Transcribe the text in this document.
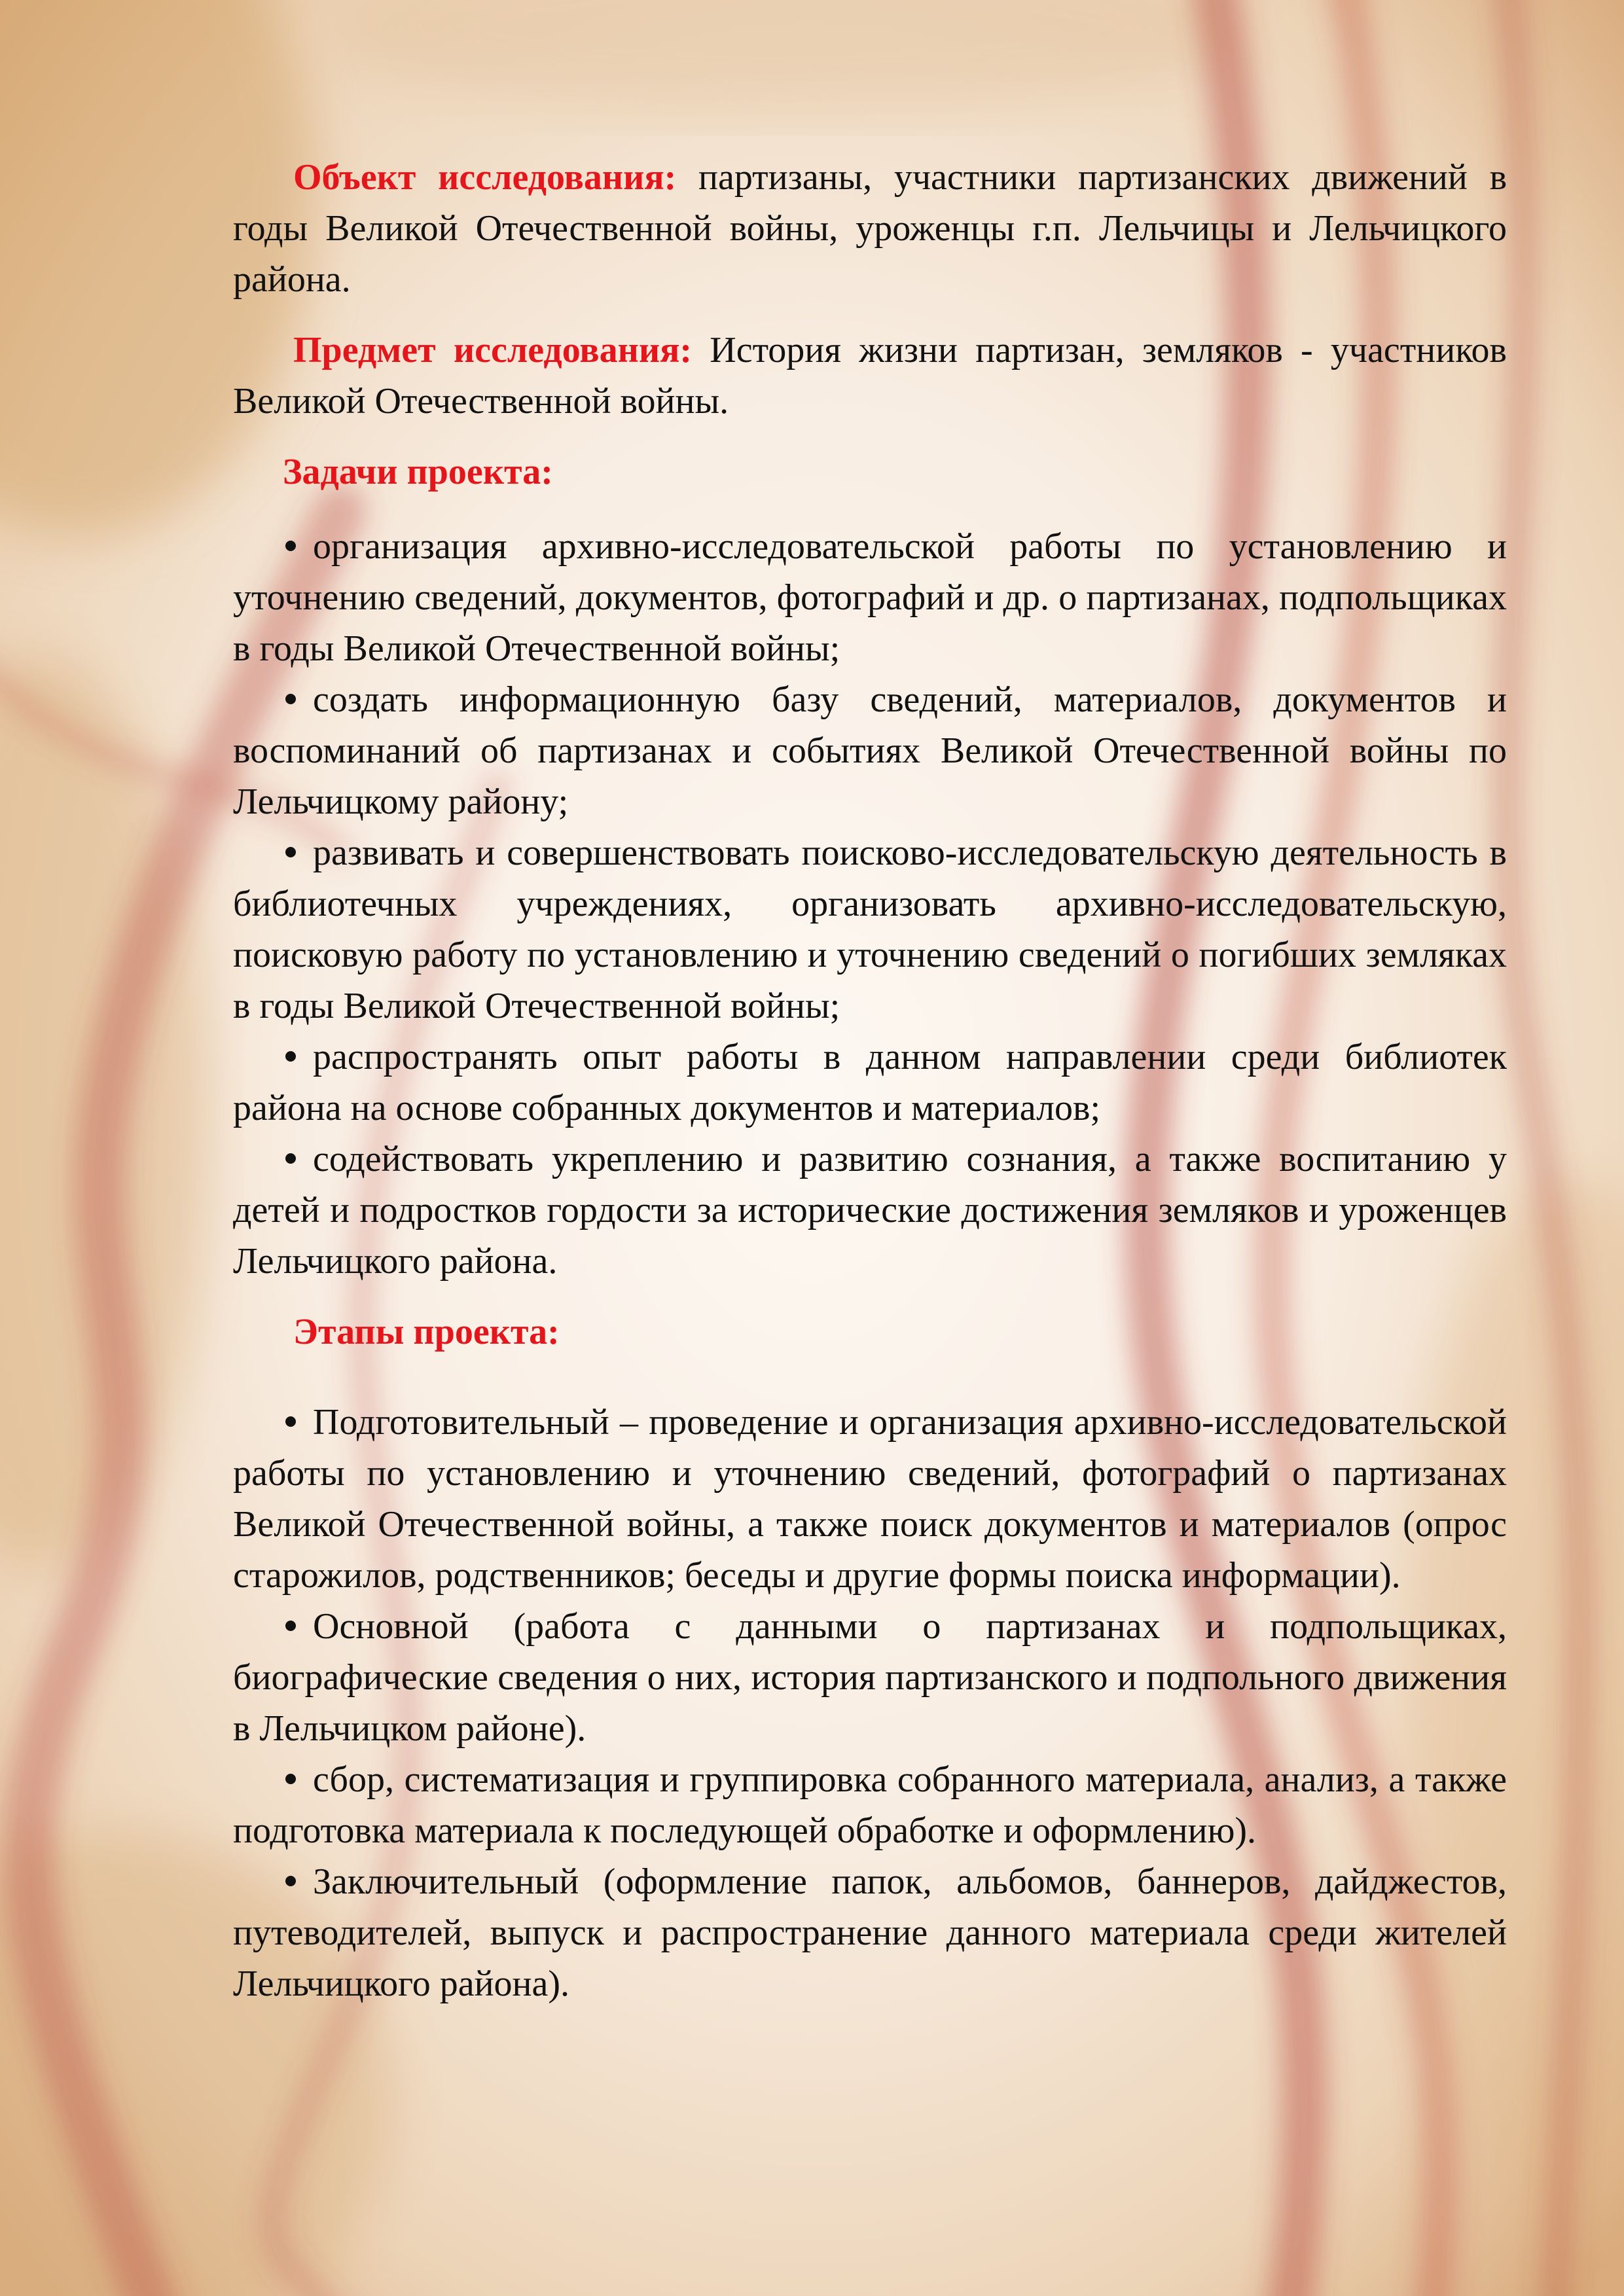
Объект исследования: партизаны, участники партизанских движений в годы Великой Отечественной войны, уроженцы г.п. Лельчицы и Лельчицкого района.

Предмет исследования: История жизни партизан, земляков - участников Великой Отечественной войны.

Задачи проекта:

организация архивно-исследовательской работы по установлению и уточнению сведений, документов, фотографий и др. о партизанах, подпольщиках в годы Великой Отечественной войны;
создать информационную базу сведений, материалов, документов и воспоминаний об партизанах и событиях Великой Отечественной войны по Лельчицкому району;
развивать и совершенствовать поисково-исследовательскую деятельность в библиотечных учреждениях, организовать архивно-исследовательскую, поисковую работу по установлению и уточнению сведений о погибших земляках в годы Великой Отечественной войны;
распространять опыт работы в данном направлении среди библиотек района на основе собранных документов и материалов;
содействовать укреплению и развитию сознания, а также воспитанию у детей и подростков гордости за исторические достижения земляков и уроженцев Лельчицкого района.

Этапы проекта:

Подготовительный – проведение и организация архивно-исследовательской работы по установлению и уточнению сведений, фотографий о партизанах Великой Отечественной войны, а также поиск документов и материалов (опрос старожилов, родственников; беседы и другие формы поиска информации).
Основной (работа с данными о партизанах и подпольщиках, биографические сведения о них, история партизанского и подпольного движения в Лельчицком районе).
сбор, систематизация и группировка собранного материала, анализ, а также подготовка материала к последующей обработке и оформлению).
Заключительный (оформление папок, альбомов, баннеров, дайджестов, путеводителей, выпуск и распространение данного материала среди жителей Лельчицкого района).
